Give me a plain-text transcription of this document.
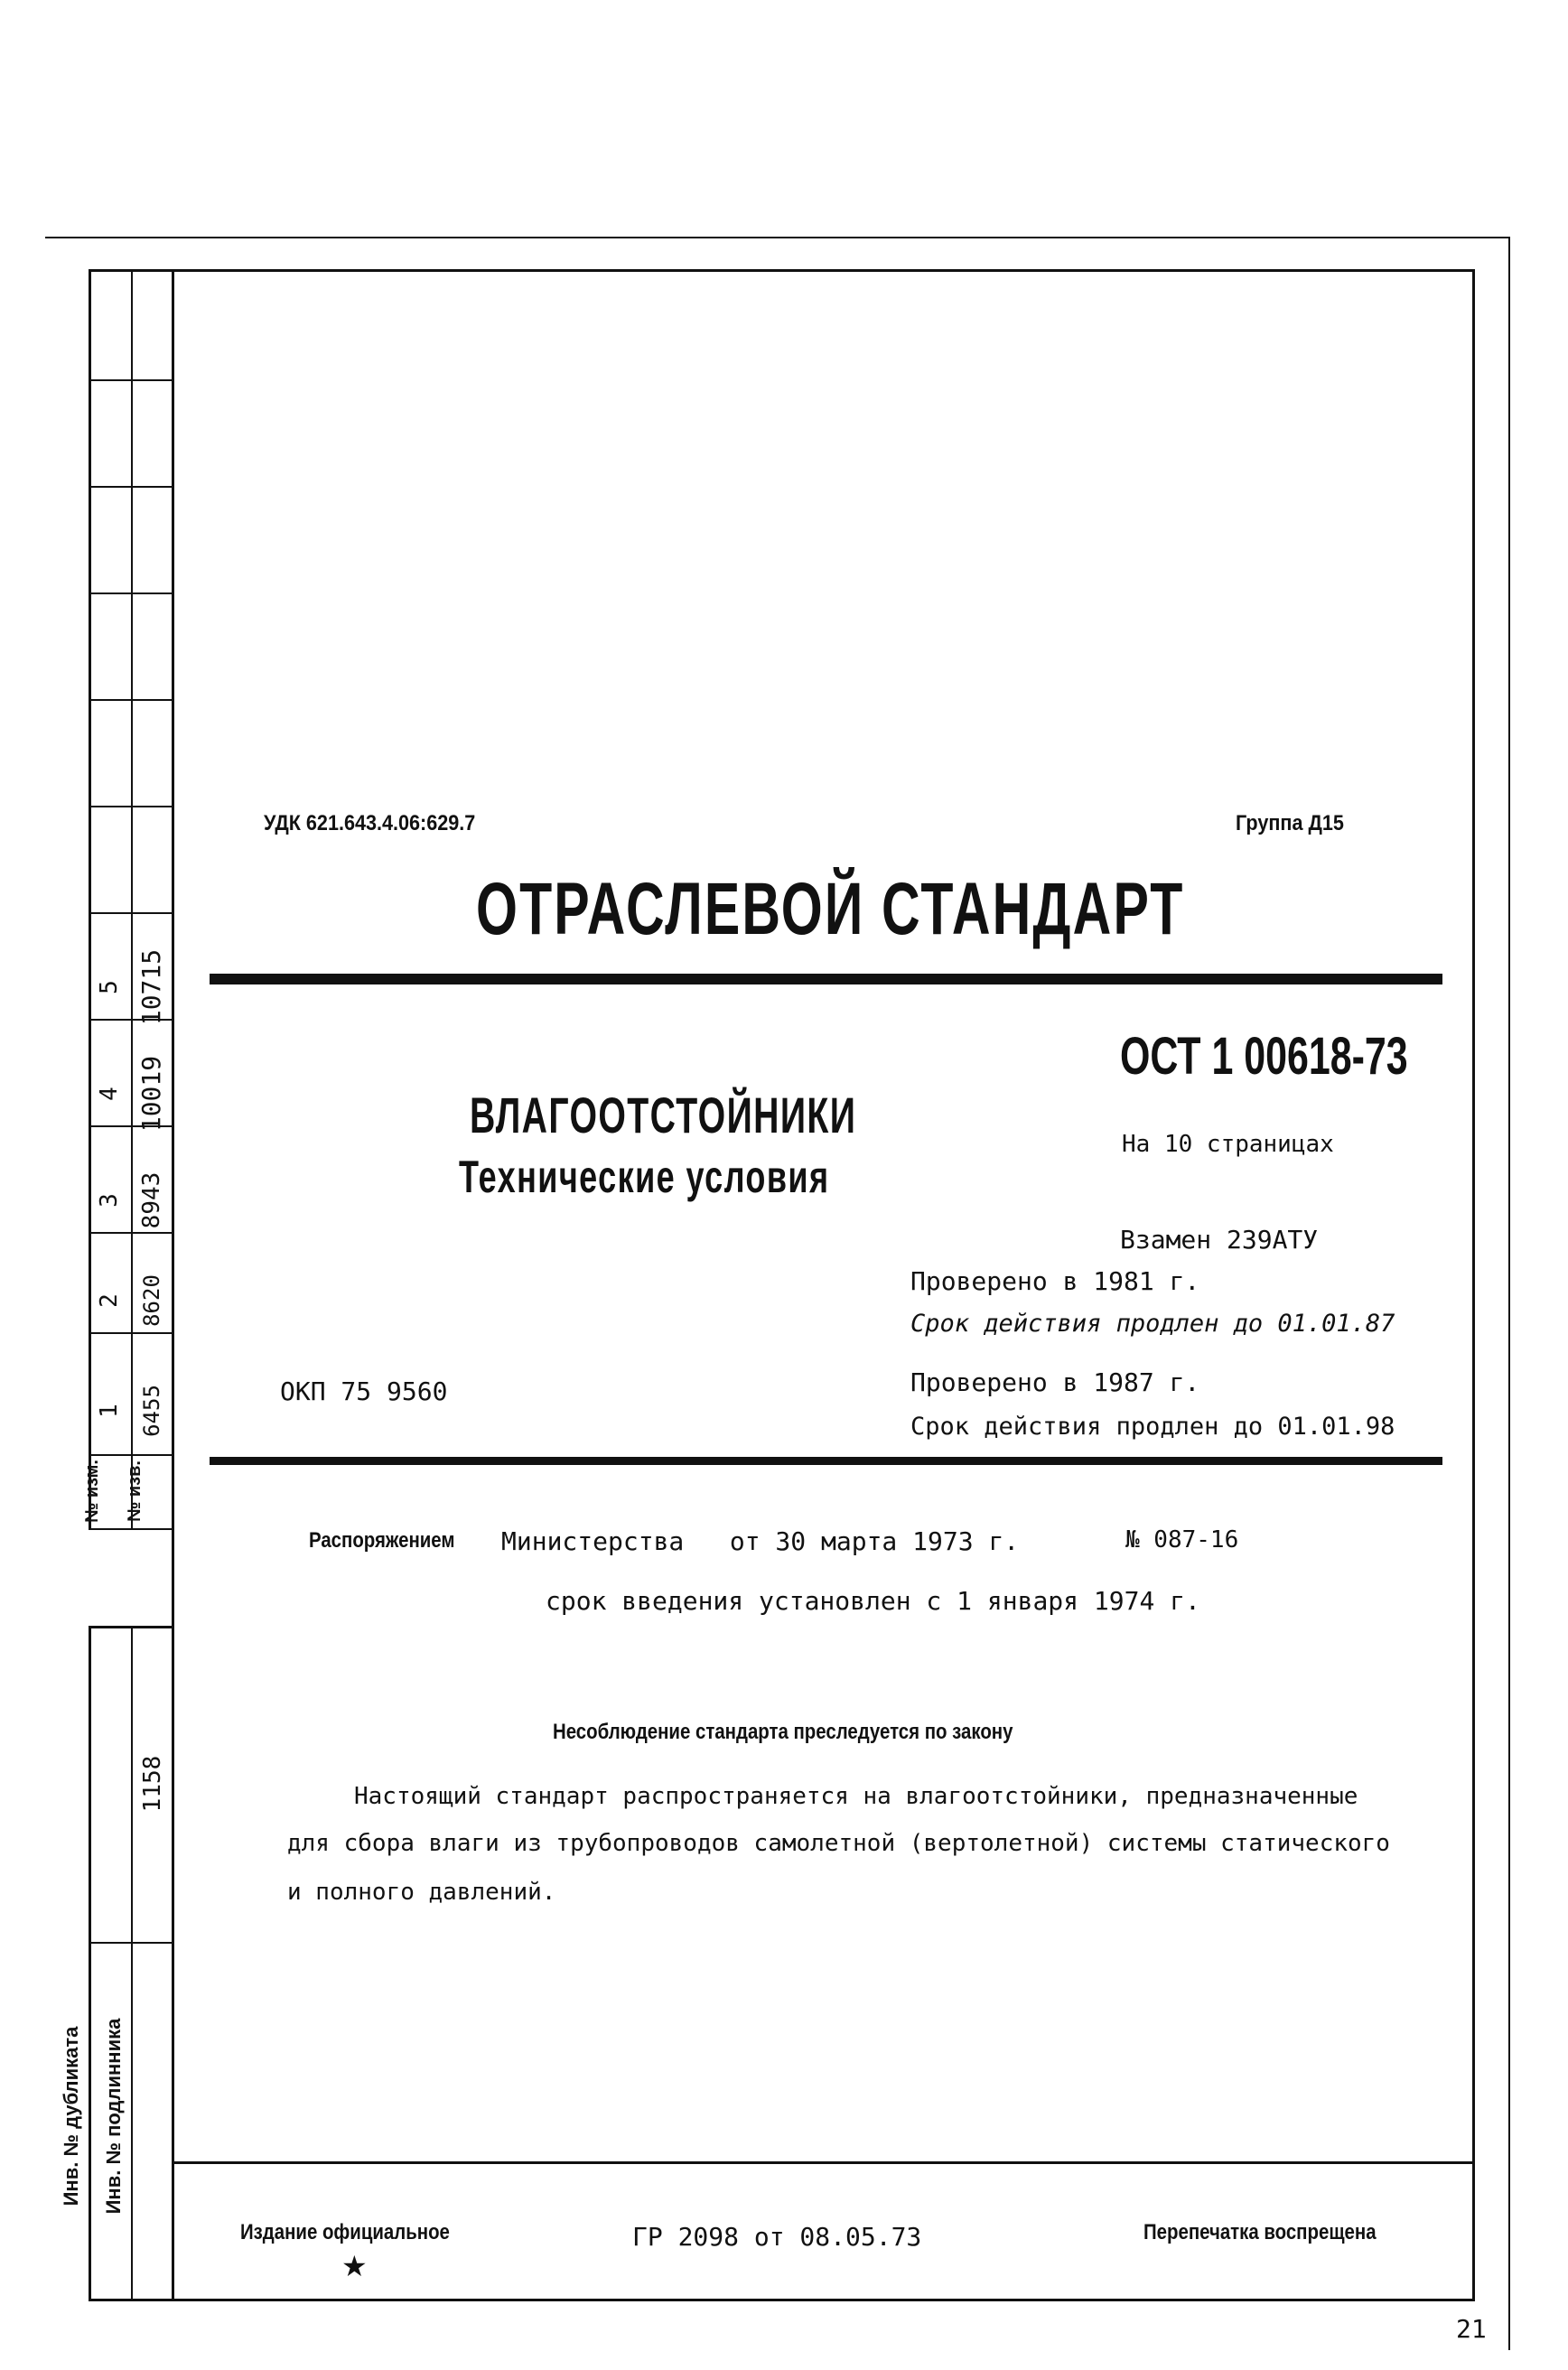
5 10715
4 10019
3 8943
2 8620
1 6455
№ изм.	№ изв.
1158
Инв. № дубликата	Инв. № подлинника
УДК 621.643.4.06:629.7	Группа Д15
ОТРАСЛЕВОЙ СТАНДАРТ
ВЛАГООТСТОЙНИКИ
Технические условия
ОСТ 1 00618-73
На 10 страницах
Взамен 239АТУ
Проверено в 1981 г.
Срок действия продлен до 01.01.87
Проверено в 1987 г.
Срок действия продлен до 01.01.98
ОКП 75 9560
Распоряжением	Министерства   от 30 марта 1973 г.	№ 087-16
срок введения установлен с 1 января 1974 г.
Несоблюдение стандарта преследуется по закону
Настоящий стандарт распространяется на влагоотстойники, предназначенные
для сбора влаги из трубопроводов самолетной (вертолетной) системы статического
и полного давлений.
Издание официальное
★
ГР 2098 от 08.05.73	Перепечатка воспрещена
21
